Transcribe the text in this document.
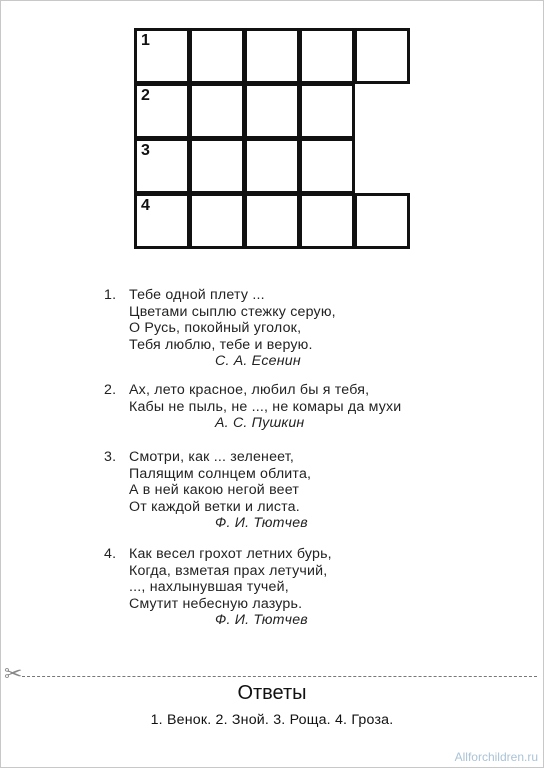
1
2
3
4
1. Тебе одной плету ...
Цветами сыплю стежку серую,
О Русь, покойный уголок,
Тебя люблю, тебе и верую.
С. А. Есенин
2. Ах, лето красное, любил бы я тебя,
Кабы не пыль, не ..., не комары да мухи
А. С. Пушкин
3. Смотри, как ... зеленеет,
Палящим солнцем облита,
А в ней какою негой веет
От каждой ветки и листа.
Ф. И. Тютчев
4. Как весел грохот летних бурь,
Когда, взметая прах летучий,
..., нахлынувшая тучей,
Смутит небесную лазурь.
Ф. И. Тютчев
✂
Ответы
1. Венок. 2. Зной. 3. Роща. 4. Гроза.
Allforchildren.ru
